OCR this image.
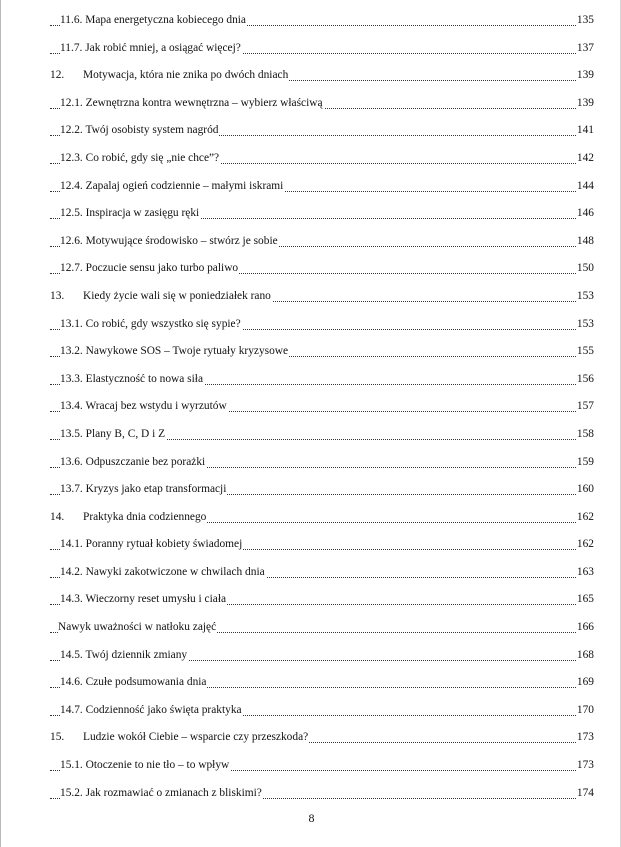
11.6. Mapa energetyczna kobiecego dnia	135
11.7. Jak robić mniej, a osiągać więcej?	137
12. Motywacja, która nie znika po dwóch dniach	139
12.1. Zewnętrzna kontra wewnętrzna – wybierz właściwą	139
12.2. Twój osobisty system nagród	141
12.3. Co robić, gdy się „nie chce”?	142
12.4. Zapalaj ogień codziennie – małymi iskrami	144
12.5. Inspiracja w zasięgu ręki	146
12.6. Motywujące środowisko – stwórz je sobie	148
12.7. Poczucie sensu jako turbo paliwo	150
13. Kiedy życie wali się w poniedziałek rano	153
13.1. Co robić, gdy wszystko się sypie?	153
13.2. Nawykowe SOS – Twoje rytuały kryzysowe	155
13.3. Elastyczność to nowa siła	156
13.4. Wracaj bez wstydu i wyrzutów	157
13.5. Plany B, C, D i Z	158
13.6. Odpuszczanie bez porażki	159
13.7. Kryzys jako etap transformacji	160
14. Praktyka dnia codziennego	162
14.1. Poranny rytuał kobiety świadomej	162
14.2. Nawyki zakotwiczone w chwilach dnia	163
14.3. Wieczorny reset umysłu i ciała	165
Nawyk uważności w natłoku zajęć	166
14.5. Twój dziennik zmiany	168
14.6. Czułe podsumowania dnia	169
14.7. Codzienność jako święta praktyka	170
15. Ludzie wokół Ciebie – wsparcie czy przeszkoda?	173
15.1. Otoczenie to nie tło – to wpływ	173
15.2. Jak rozmawiać o zmianach z bliskimi?	174
8
